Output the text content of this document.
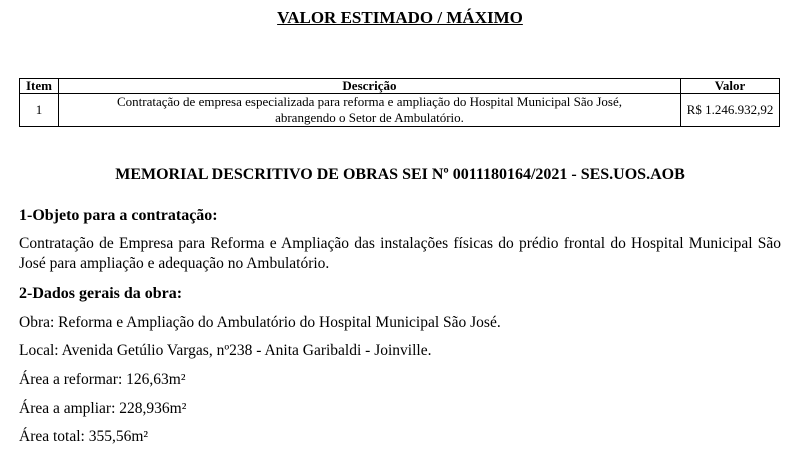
VALOR ESTIMADO / MÁXIMO
Item	Descrição	Valor
1	Contratação de empresa especializada para reforma e ampliação do Hospital Municipal São José,
abrangendo o Setor de Ambulatório.	R$ 1.246.932,92
MEMORIAL DESCRITIVO DE OBRAS SEI Nº 0011180164/2021 - SES.UOS.AOB
1-Objeto para a contratação:
Contratação de Empresa para Reforma e Ampliação das instalações físicas do prédio frontal do Hospital Municipal São José para ampliação e adequação no Ambulatório.
2-Dados gerais da obra:
Obra: Reforma e Ampliação do Ambulatório do Hospital Municipal São José.
Local: Avenida Getúlio Vargas, nº238 - Anita Garibaldi - Joinville.
Área a reformar: 126,63m²
Área a ampliar: 228,936m²
Área total: 355,56m²
